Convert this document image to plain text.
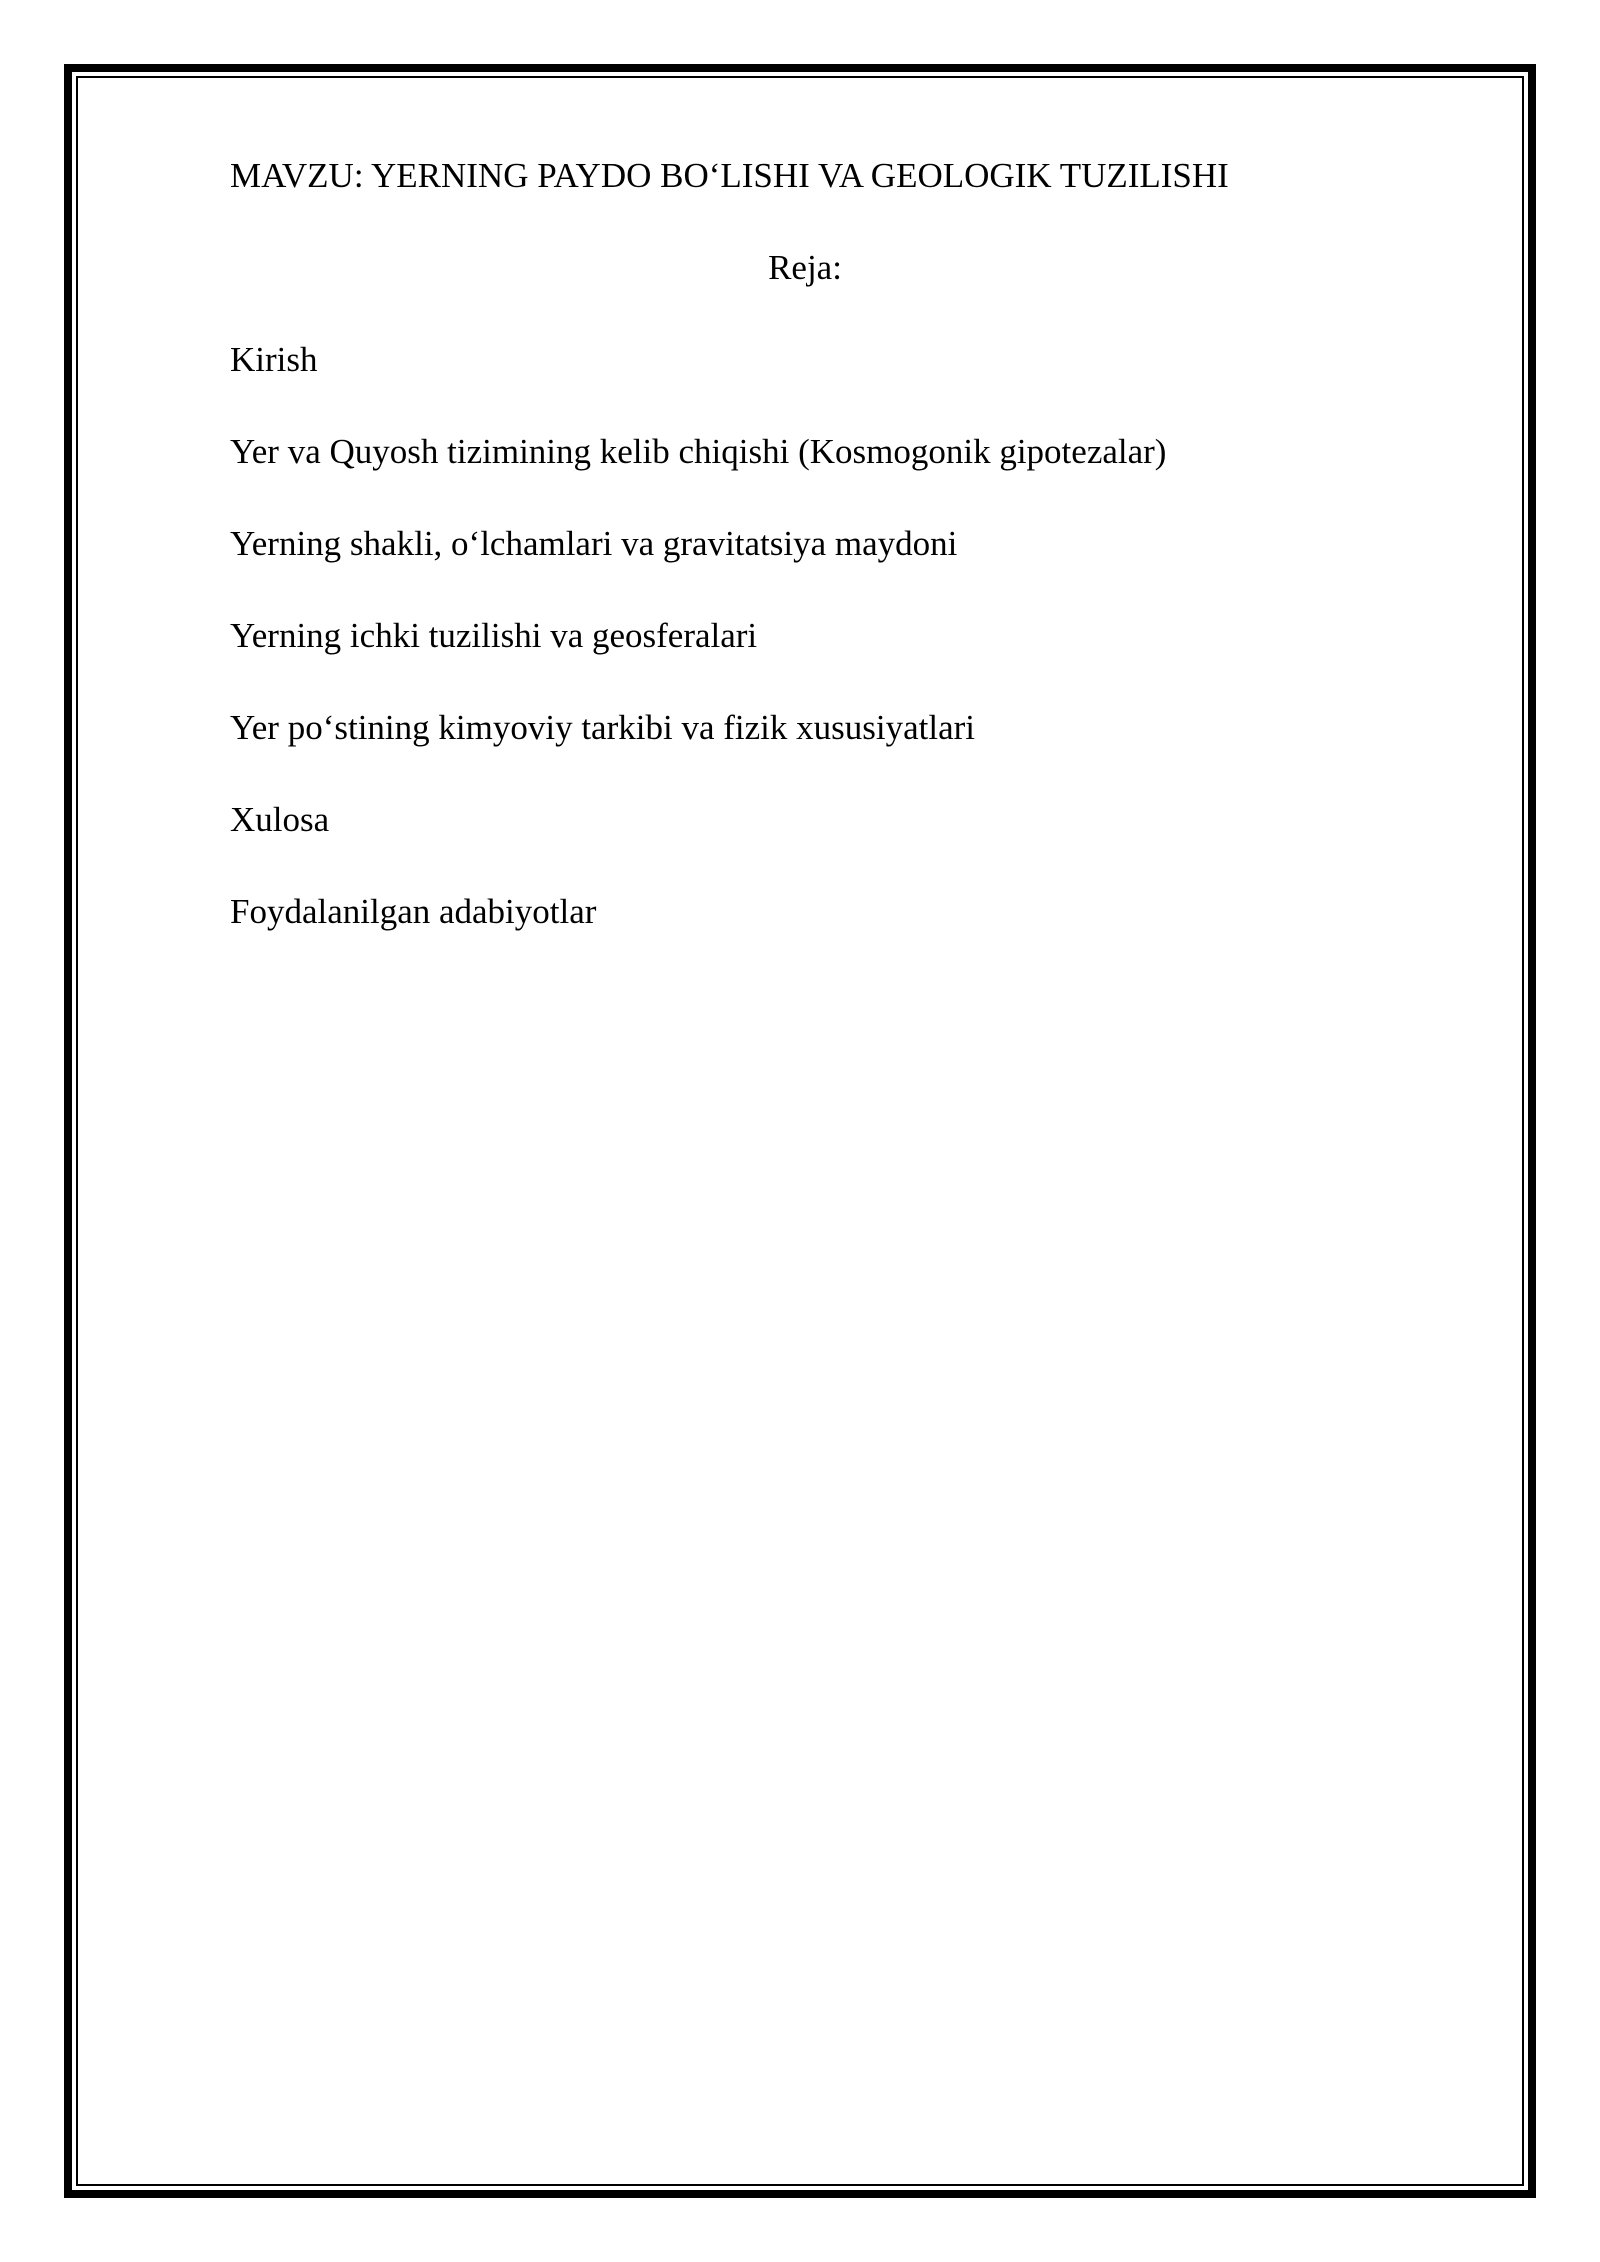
MAVZU: YERNING PAYDO BO‘LISHI VA GEOLOGIK TUZILISHI

Reja:

Kirish
Yer va Quyosh tizimining kelib chiqishi (Kosmogonik gipotezalar)
Yerning shakli, o‘lchamlari va gravitatsiya maydoni
Yerning ichki tuzilishi va geosferalari
Yer po‘stining kimyoviy tarkibi va fizik xususiyatlari
Xulosa
Foydalanilgan adabiyotlar
